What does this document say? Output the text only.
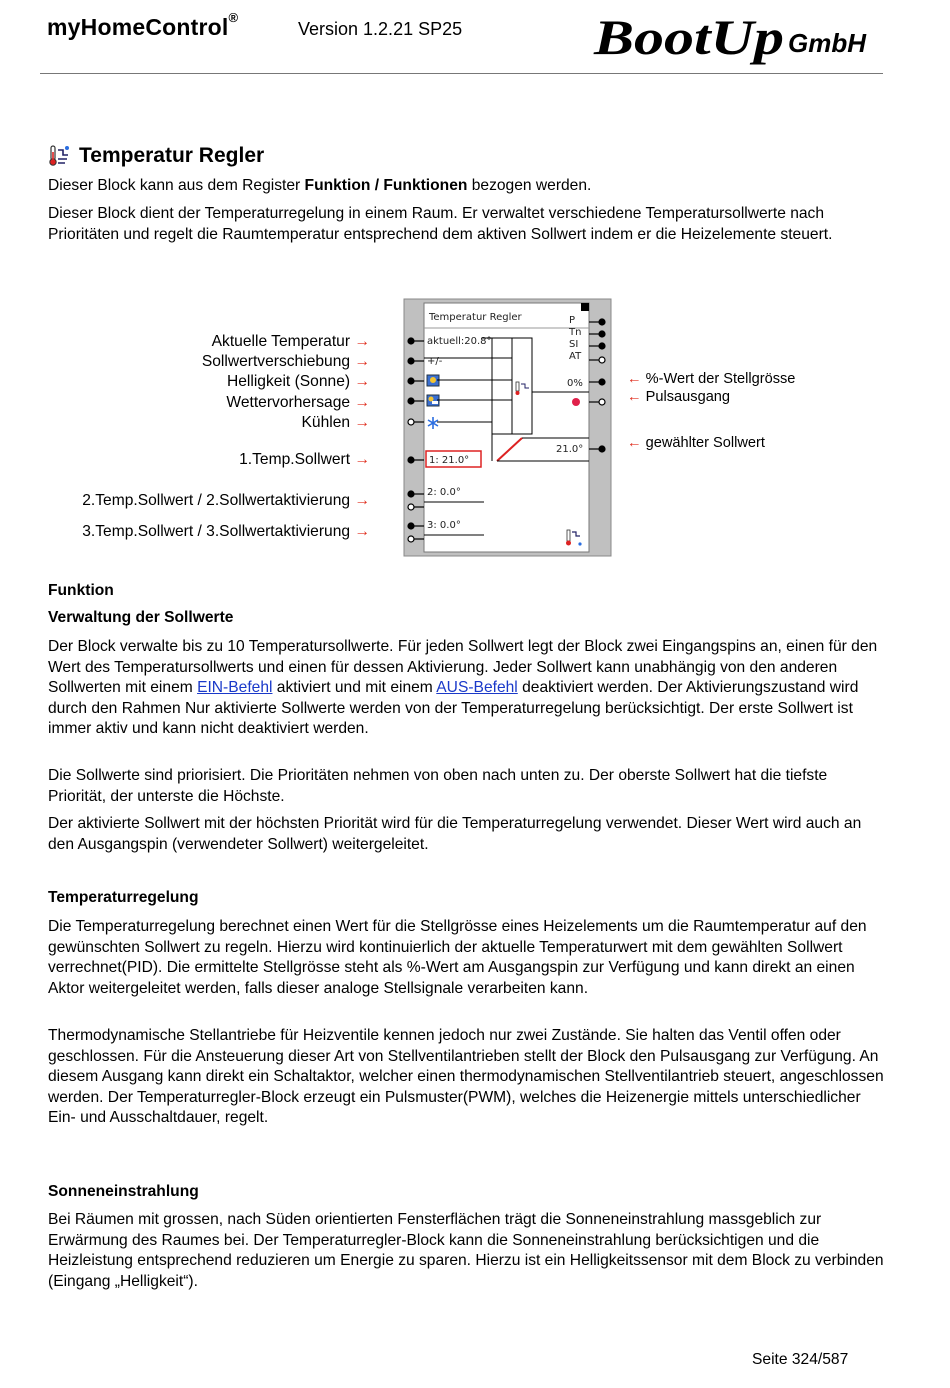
myHomeControl®
Version 1.2.21 SP25	BootUp GmbH
Temperatur Regler
Dieser Block kann aus dem Register Funktion / Funktionen bezogen werden.
Dieser Block dient der Temperaturregelung in einem Raum. Er verwaltet verschiedene Temperatursollwerte nach Prioritäten und regelt die Raumtemperatur entsprechend dem aktiven Sollwert indem er die Heizelemente steuert.
Aktuelle Temperatur →
Sollwertverschiebung →
Helligkeit (Sonne) →
Wettervorhersage →
Kühlen →
1.Temp.Sollwert →
2.Temp.Sollwert / 2.Sollwertaktivierung →
3.Temp.Sollwert / 3.Sollwertaktivierung →
Temperatur Regler
aktuell:20.8°
+/-
P
Tn
SI
AT
0%
21.0°
1: 21.0°
2: 0.0°
3: 0.0°
← %-Wert der Stellgrösse
← Pulsausgang
← gewählter Sollwert
Funktion
Verwaltung der Sollwerte
Der Block verwalte bis zu 10 Temperatursollwerte. Für jeden Sollwert legt der Block zwei Eingangspins an, einen für den Wert des Temperatursollwerts und einen für dessen Aktivierung. Jeder Sollwert kann unabhängig von den anderen Sollwerten mit einem EIN-Befehl aktiviert und mit einem AUS-Befehl deaktiviert werden. Der Aktivierungszustand wird durch den Rahmen Nur aktivierte Sollwerte werden von der Temperaturregelung berücksichtigt. Der erste Sollwert ist immer aktiv und kann nicht deaktiviert werden.
Die Sollwerte sind priorisiert. Die Prioritäten nehmen von oben nach unten zu. Der oberste Sollwert hat die tiefste Priorität, der unterste die Höchste.
Der aktivierte Sollwert mit der höchsten Priorität wird für die Temperaturregelung verwendet. Dieser Wert wird auch an den Ausgangspin (verwendeter Sollwert) weitergeleitet.
Temperaturregelung
Die Temperaturregelung berechnet einen Wert für die Stellgrösse eines Heizelements um die Raumtemperatur auf den gewünschten Sollwert zu regeln. Hierzu wird kontinuierlich der aktuelle Temperaturwert mit dem gewählten Sollwert verrechnet(PID). Die ermittelte Stellgrösse steht als %-Wert am Ausgangspin zur Verfügung und kann direkt an einen Aktor weitergeleitet werden, falls dieser analoge Stellsignale verarbeiten kann.
Thermodynamische Stellantriebe für Heizventile kennen jedoch nur zwei Zustände. Sie halten das Ventil offen oder geschlossen. Für die Ansteuerung dieser Art von Stellventilantrieben stellt der Block den Pulsausgang zur Verfügung. An diesem Ausgang kann direkt ein Schaltaktor, welcher einen thermodynamischen Stellventilantrieb steuert, angeschlossen werden. Der Temperaturregler-Block erzeugt ein Pulsmuster(PWM), welches die Heizenergie mittels unterschiedlicher Ein- und Ausschaltdauer, regelt.
Sonneneinstrahlung
Bei Räumen mit grossen, nach Süden orientierten Fensterflächen trägt die Sonneneinstrahlung massgeblich zur Erwärmung des Raumes bei. Der Temperaturregler-Block kann die Sonneneinstrahlung berücksichtigen und die Heizleistung entsprechend reduzieren um Energie zu sparen. Hierzu ist ein Helligkeitssensor mit dem Block zu verbinden (Eingang „Helligkeit“).
Seite 324/587
